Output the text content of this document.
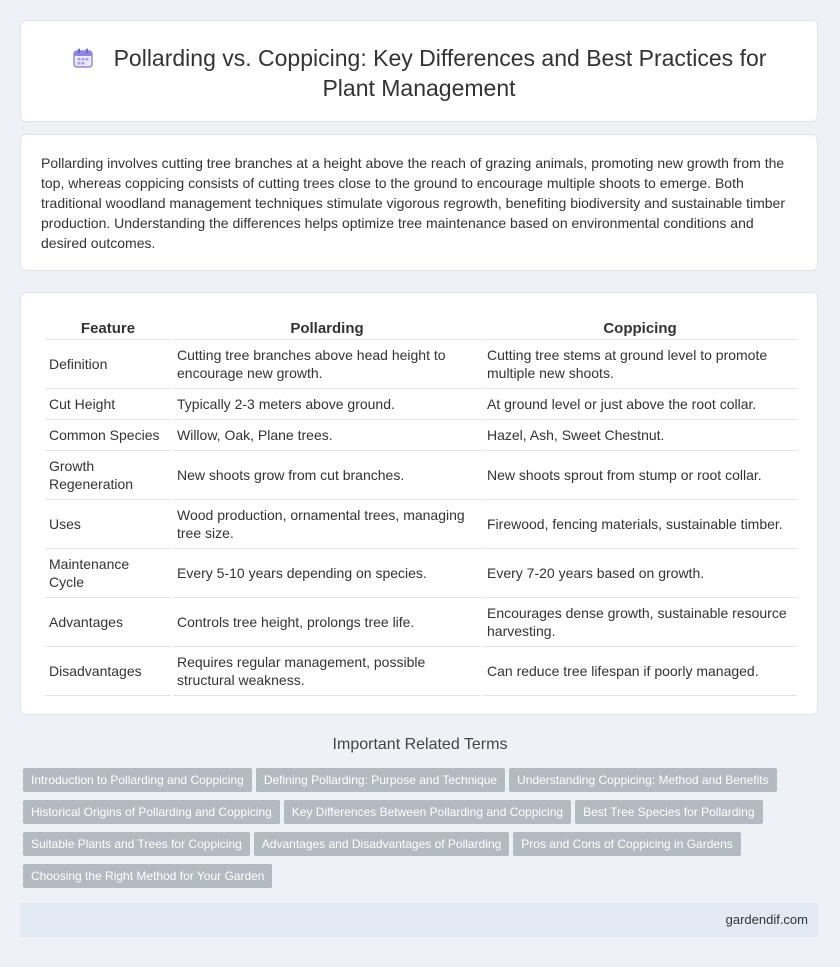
Pollarding vs. Coppicing: Key Differences and Best Practices for Plant Management

Pollarding involves cutting tree branches at a height above the reach of grazing animals, promoting new growth from the top, whereas coppicing consists of cutting trees close to the ground to encourage multiple shoots to emerge. Both traditional woodland management techniques stimulate vigorous regrowth, benefiting biodiversity and sustainable timber production. Understanding the differences helps optimize tree maintenance based on environmental conditions and desired outcomes.

Feature	Pollarding	Coppicing
Definition	Cutting tree branches above head height to encourage new growth.	Cutting tree stems at ground level to promote multiple new shoots.
Cut Height	Typically 2-3 meters above ground.	At ground level or just above the root collar.
Common Species	Willow, Oak, Plane trees.	Hazel, Ash, Sweet Chestnut.
Growth Regeneration	New shoots grow from cut branches.	New shoots sprout from stump or root collar.
Uses	Wood production, ornamental trees, managing tree size.	Firewood, fencing materials, sustainable timber.
Maintenance Cycle	Every 5-10 years depending on species.	Every 7-20 years based on growth.
Advantages	Controls tree height, prolongs tree life.	Encourages dense growth, sustainable resource harvesting.
Disadvantages	Requires regular management, possible structural weakness.	Can reduce tree lifespan if poorly managed.
Important Related Terms
Introduction to Pollarding and Coppicing Defining Pollarding: Purpose and Technique Understanding Coppicing: Method and BenefitsHistorical Origins of Pollarding and Coppicing Key Differences Between Pollarding and Coppicing Best Tree Species for PollardingSuitable Plants and Trees for Coppicing Advantages and Disadvantages of Pollarding Pros and Cons of Coppicing in GardensChoosing the Right Method for Your Garden
gardendif.com
